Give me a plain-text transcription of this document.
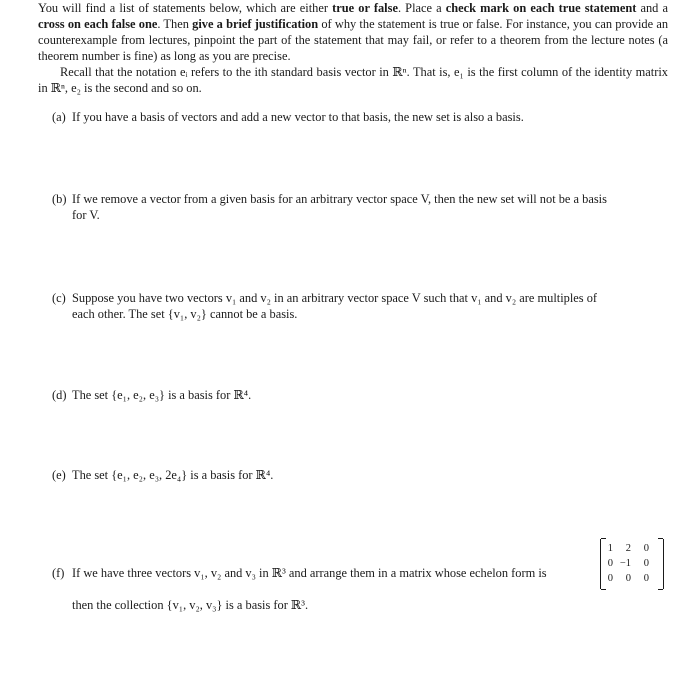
You will find a list of statements below, which are either true or false. Place a check mark on each true statement and a cross on each false one. Then give a brief justification of why the statement is true or false. For instance, you can provide an counterexample from lectures, pinpoint the part of the statement that may fail, or refer to a theorem from the lecture notes (a theorem number is fine) as long as you are precise.

Recall that the notation eᵢ refers to the ith standard basis vector in ℝⁿ. That is, e₁ is the first column of the identity matrix in ℝⁿ, e₂ is the second and so on.

(a) If you have a basis of vectors and add a new vector to that basis, the new set is also a basis.
(b) If we remove a vector from a given basis for an arbitrary vector space V, then the new set will not be a basis
for V.
(c) Suppose you have two vectors v₁ and v₂ in an arbitrary vector space V such that v₁ and v₂ are multiples of
each other. The set {v₁, v₂} cannot be a basis.
(d) The set {e₁, e₂, e₃} is a basis for ℝ⁴.
(e) The set {e₁, e₂, e₃, 2e₄} is a basis for ℝ⁴.
(f) If we have three vectors v₁, v₂ and v₃ in ℝ³ and arrange them in a matrix whose echelon form is
1	2	0
0 −1	0
0	0	0
then the collection {v₁, v₂, v₃} is a basis for ℝ³.
